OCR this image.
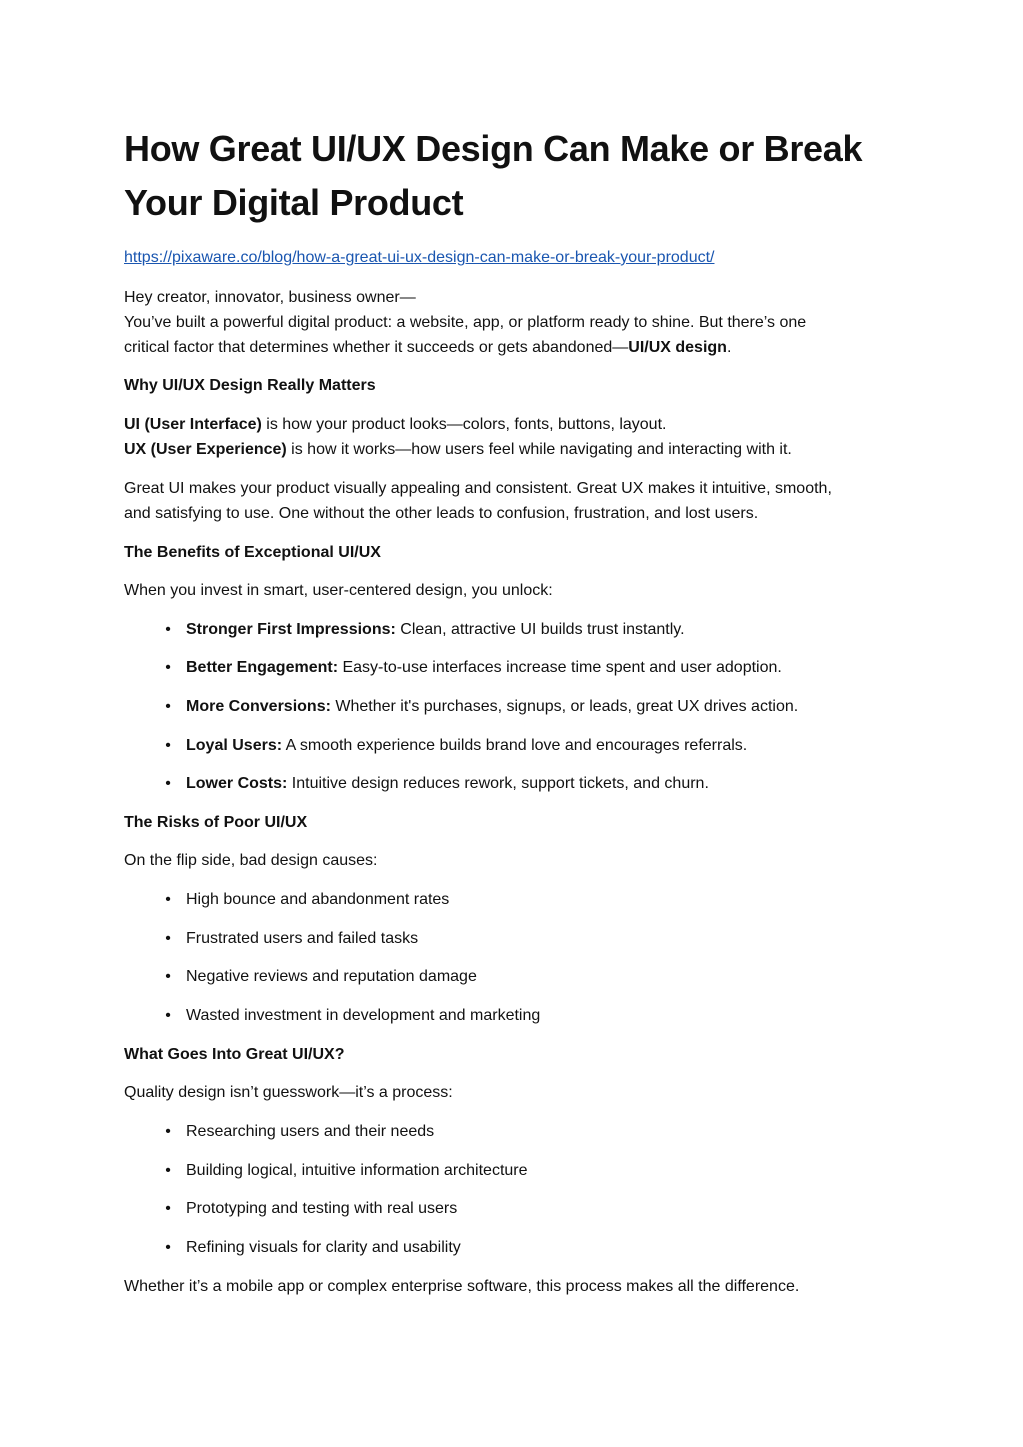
How Great UI/UX Design Can Make or Break
Your Digital Product
https://pixaware.co/blog/how-a-great-ui-ux-design-can-make-or-break-your-product/
Hey creator, innovator, business owner—
You’ve built a powerful digital product: a website, app, or platform ready to shine. But there’s one
critical factor that determines whether it succeeds or gets abandoned—UI/UX design.
Why UI/UX Design Really Matters
UI (User Interface) is how your product looks—colors, fonts, buttons, layout.
UX (User Experience) is how it works—how users feel while navigating and interacting with it.
Great UI makes your product visually appealing and consistent. Great UX makes it intuitive, smooth,
and satisfying to use. One without the other leads to confusion, frustration, and lost users.
The Benefits of Exceptional UI/UX
When you invest in smart, user-centered design, you unlock:
• Stronger First Impressions: Clean, attractive UI builds trust instantly.
• Better Engagement: Easy-to-use interfaces increase time spent and user adoption.
• More Conversions: Whether it's purchases, signups, or leads, great UX drives action.
• Loyal Users: A smooth experience builds brand love and encourages referrals.
• Lower Costs: Intuitive design reduces rework, support tickets, and churn.
The Risks of Poor UI/UX
On the flip side, bad design causes:
• High bounce and abandonment rates
• Frustrated users and failed tasks
• Negative reviews and reputation damage
• Wasted investment in development and marketing
What Goes Into Great UI/UX?
Quality design isn’t guesswork—it’s a process:
• Researching users and their needs
• Building logical, intuitive information architecture
• Prototyping and testing with real users
• Refining visuals for clarity and usability
Whether it’s a mobile app or complex enterprise software, this process makes all the difference.
